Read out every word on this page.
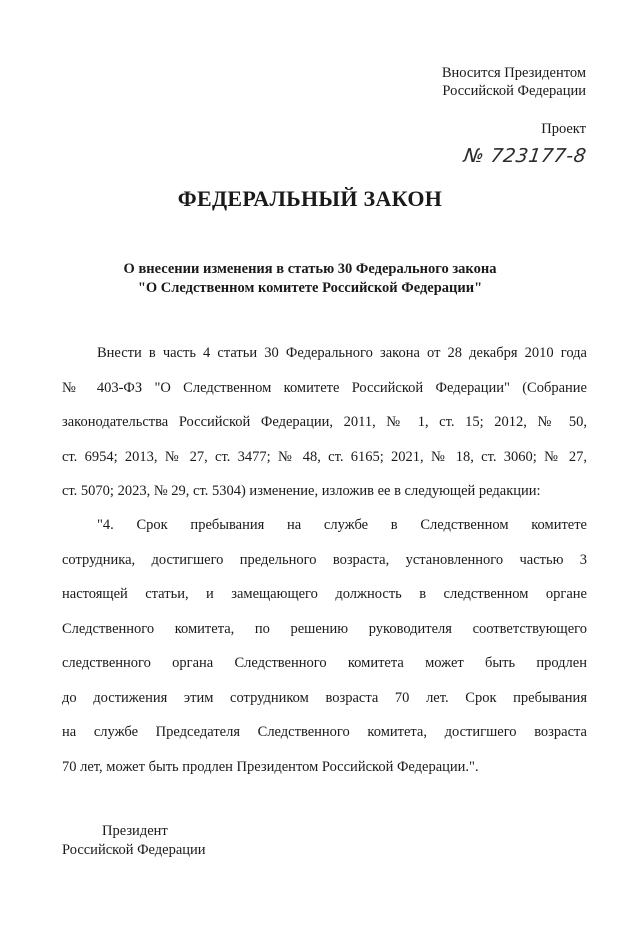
Вносится Президентом
Российской Федерации
Проект
№ 723177-8
ФЕДЕРАЛЬНЫЙ ЗАКОН
О внесении изменения в статью 30 Федерального закона
"О Следственном комитете Российской Федерации"
Внести в часть 4 статьи 30 Федерального закона от 28 декабря 2010 года
№ 403-ФЗ "О Следственном комитете Российской Федерации" (Собрание
законодательства Российской Федерации, 2011, № 1, ст. 15; 2012, № 50,
ст. 6954; 2013, № 27, ст. 3477; № 48, ст. 6165; 2021, № 18, ст. 3060; № 27,
ст. 5070; 2023, № 29, ст. 5304) изменение, изложив ее в следующей редакции:
"4. Срок пребывания на службе в Следственном комитете
сотрудника, достигшего предельного возраста, установленного частью 3
настоящей статьи, и замещающего должность в следственном органе
Следственного комитета, по решению руководителя соответствующего
следственного органа Следственного комитета может быть продлен
до достижения этим сотрудником возраста 70 лет. Срок пребывания
на службе Председателя Следственного комитета, достигшего возраста
70 лет, может быть продлен Президентом Российской Федерации.".
Президент
Российской Федерации
